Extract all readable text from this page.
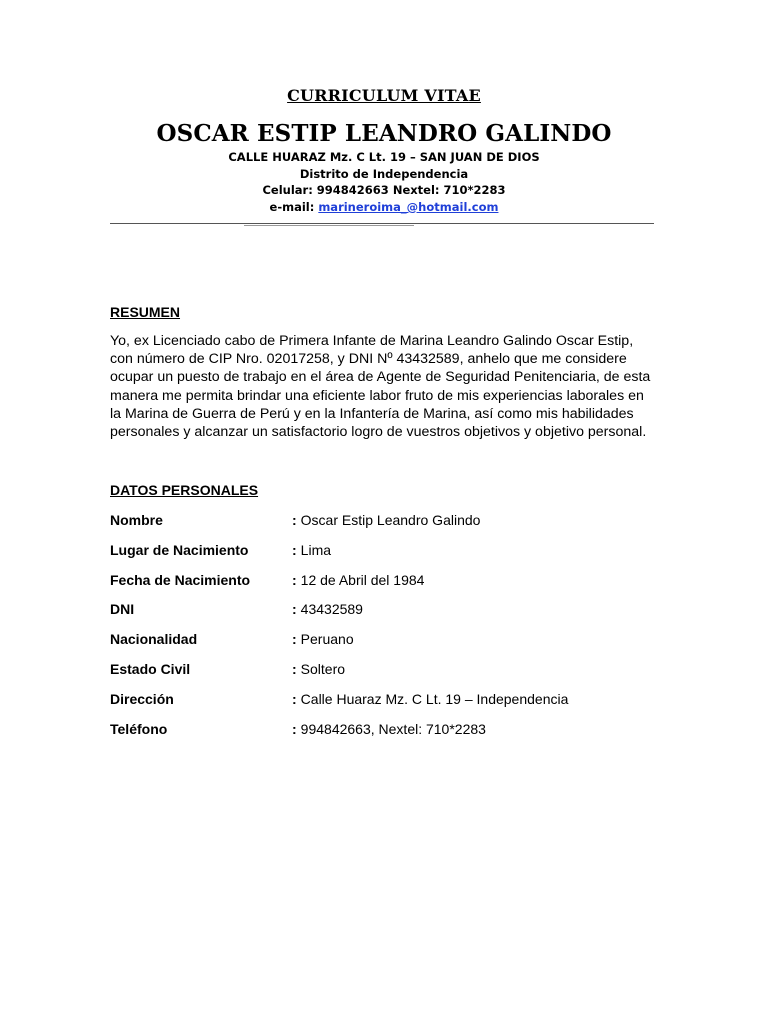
CURRICULUM VITAE
OSCAR ESTIP LEANDRO GALINDO
CALLE HUARAZ Mz. C Lt. 19 – SAN JUAN DE DIOS
Distrito de Independencia
Celular: 994842663 Nextel: 710*2283
e-mail: marineroima_@hotmail.com
RESUMEN
Yo, ex Licenciado cabo de Primera Infante de Marina Leandro Galindo Oscar Estip,
con número de CIP Nro. 02017258, y DNI Nº 43432589, anhelo que me considere
ocupar un puesto de trabajo en el área de Agente de Seguridad Penitenciaria, de esta
manera me permita brindar una eficiente labor fruto de mis experiencias laborales en
la Marina de Guerra de Perú y en la Infantería de Marina, así como mis habilidades
personales y alcanzar un satisfactorio logro de vuestros objetivos y objetivo personal.
DATOS PERSONALES
Nombre	: Oscar Estip Leandro Galindo
Lugar de Nacimiento	: Lima
Fecha de Nacimiento	: 12 de Abril del 1984
DNI	: 43432589
Nacionalidad	: Peruano
Estado Civil	: Soltero
Dirección	: Calle Huaraz Mz. C Lt. 19 – Independencia
Teléfono	: 994842663, Nextel: 710*2283
